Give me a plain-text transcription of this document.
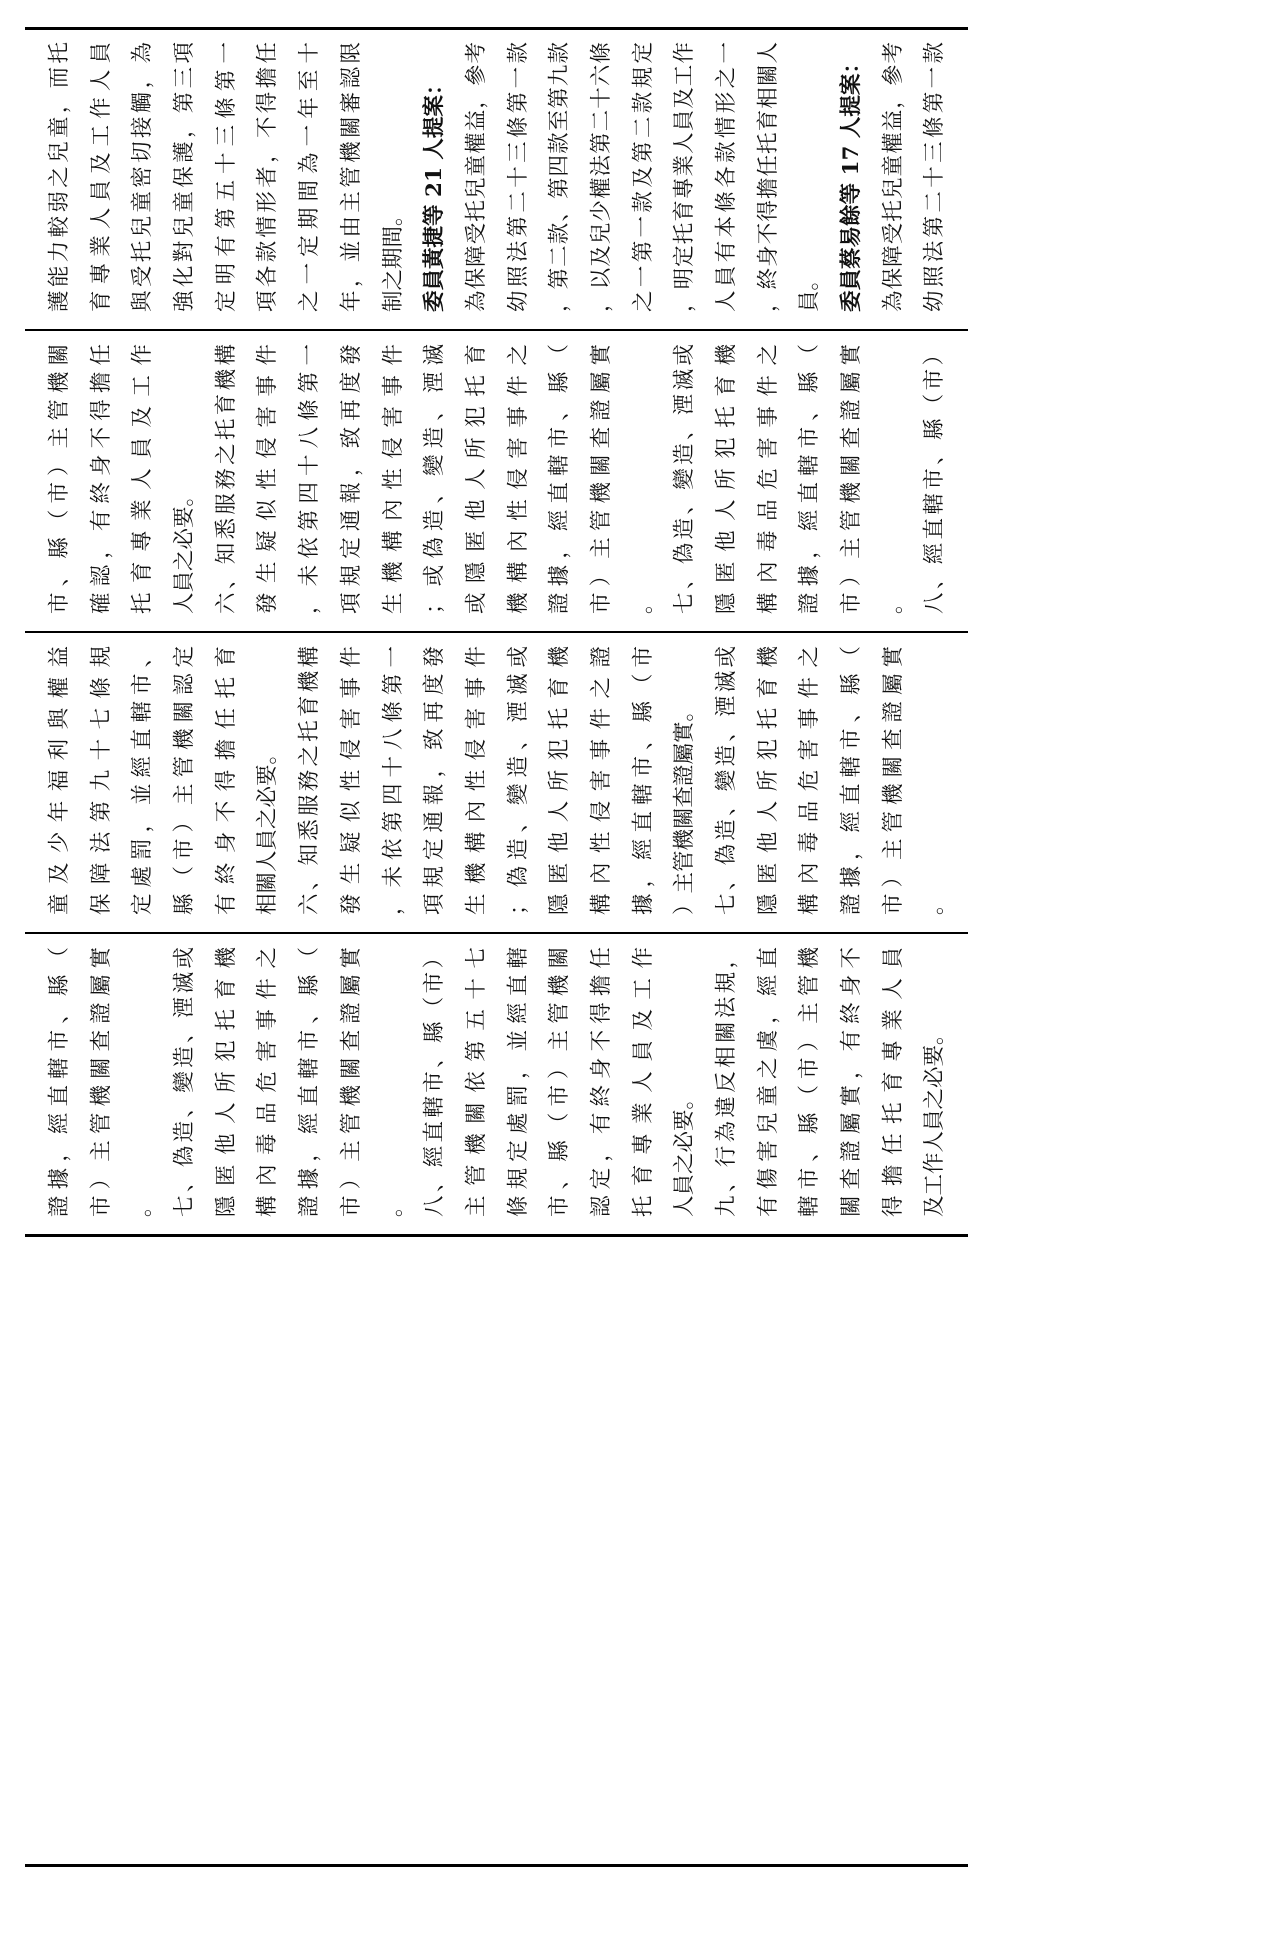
證據，經直轄市、縣（ 市）主管機關查證屬實 。 七、偽造、變造、湮滅或 隱匿他人所犯托育機 構內毒品危害事件之 證據，經直轄市、縣（ 市）主管機關查證屬實 。 八、經直轄市、縣（市） 主管機關依第五十七 條規定處罰，並經直轄 市、縣（市）主管機關 認定，有終身不得擔任 托育專業人員及工作 人員之必要。 九、行為違反相關法規， 有傷害兒童之虞，經直 轄市、縣（市）主管機 關查證屬實，有終身不 得擔任托育專業人員 及工作人員之必要。
童及少年福利與權益 保障法第九十七條規 定處罰，並經直轄市、 縣（市）主管機關認定 有終身不得擔任托育 相關人員之必要。 六、知悉服務之托育機構 發生疑似性侵害事件 ，未依第四十八條第一 項規定通報，致再度發 生機構內性侵害事件 ；偽造、變造、湮滅或 隱匿他人所犯托育機 構內性侵害事件之證 據，經直轄市、縣（市 ）主管機關查證屬實。 七、偽造、變造、湮滅或 隱匿他人所犯托育機 構內毒品危害事件之 證據，經直轄市、縣（ 市）主管機關查證屬實 。
市、縣（市）主管機關 確認，有終身不得擔任 托育專業人員及工作 人員之必要。 六、知悉服務之托育機構 發生疑似性侵害事件 ，未依第四十八條第一 項規定通報，致再度發 生機構內性侵害事件 ；或偽造、變造、湮滅 或隱匿他人所犯托育 機構內性侵害事件之 證據，經直轄市、縣（ 市）主管機關查證屬實 。 七、偽造、變造、湮滅或 隱匿他人所犯托育機 構內毒品危害事件之 證據，經直轄市、縣（ 市）主管機關查證屬實 。 八、經直轄市、縣（市）
護能力較弱之兒童，而托 育專業人員及工作人員 與受托兒童密切接觸，為 強化對兒童保護，第三項 定明有第五十三條第一 項各款情形者，不得擔任 之一定期間為一年至十 年，並由主管機關審認限 制之期間。 委員黃捷等 21 人提案： 為保障受托兒童權益，參考 幼照法第二十三條第一款 ，第二款、第四款至第九款 ，以及兒少權法第二十六條 之一第一款及第二款規定 ，明定托育專業人員及工作 人員有本條各款情形之一 ，終身不得擔任托育相關人 員。 委員蔡易餘等 17 人提案： 為保障受托兒童權益，參考 幼照法第二十三條第一款
